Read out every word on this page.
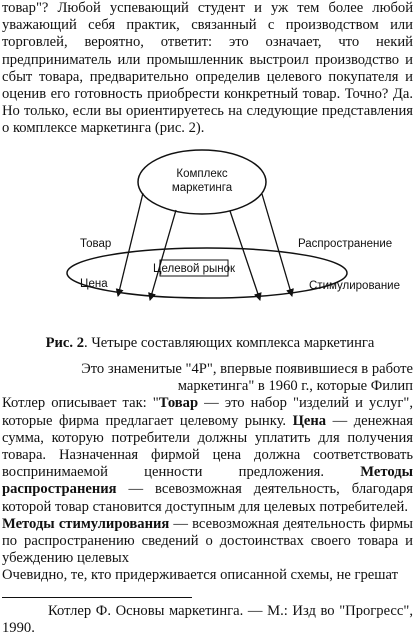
товар"? Любой успевающий студент и уж тем более любой уважающий себя практик, связанный с производством или торговлей, вероятно, ответит: это означает, что некий предприниматель или промышленник выстроил производство и сбыт товара, предварительно определив целевого покупателя и оценив его готовность приобрести конкретный товар. Точно? Да. Но только, если вы ориентируетесь на следующие представления о комплексе маркетинга (рис. 2).

Комплекс
маркетинга
Целевой рынок
Товар
Цена
Распространение
Стимулирование
Рис. 2. Четыре составляющих комплекса маркетинга
Это знаменитые "4P", впервые появившиеся в работе
маркетинга" в 1960 г., которые Филип
Котлер описывает так: "Товар — это набор "изделий и услуг", которые фирма предлагает целевому рынку. Цена — денежная сумма, которую потребители должны уплатить для получения товара. Назначенная фирмой цена должна соответствовать воспринимаемой ценности предложения. Методы распространения — всевозможная деятельность, благодаря которой товар становится доступным для целевых потребителей.
Методы стимулирования — всевозможная деятельность фирмы по распространению сведений о достоинствах своего товара и убеждению целевых
Очевидно, те, кто придерживается описанной схемы, не грешат
Котлер Ф. Основы маркетинга. — М.: Изд во "Прогресс", 1990.
